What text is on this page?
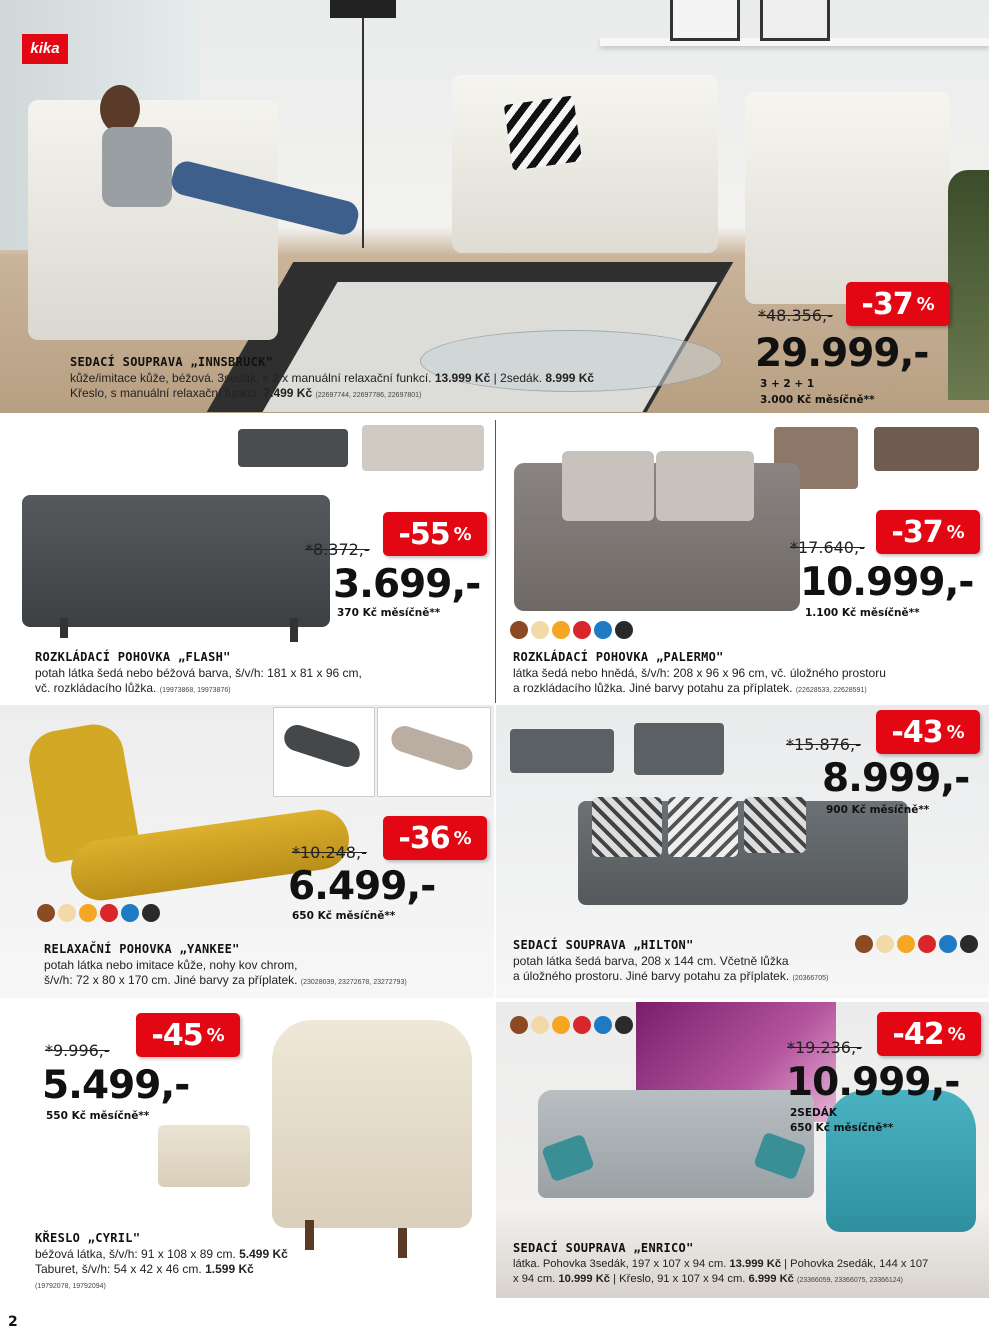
kika
*48.356,- -37 %
29.999,-
3 + 2 + 1
3.000 Kč měsíčně**
SEDACÍ SOUPRAVA „INNSBRUCK"
kůže/imitace kůže, béžová. 3sedák, s 2 x manuální relaxační funkcí. 13.999 Kč | 2sedák. 8.999 Kč
Křeslo, s manuální relaxační funkcí. 7.499 Kč (22697744, 22697786, 22697801)
*8.372,- -55 %
3.699,-
370 Kč měsíčně**
ROZKLÁDACÍ POHOVKA „FLASH"
potah látka šedá nebo béžová barva, š/v/h: 181 x 81 x 96 cm,
vč. rozkládacího lůžka. (19973868, 19973876)
*17.640,- -37 %
10.999,-
1.100 Kč měsíčně**
ROZKLÁDACÍ POHOVKA „PALERMO"
látka šedá nebo hnědá, š/v/h: 208 x 96 x 96 cm, vč. úložného prostoru
a rozkládacího lůžka. Jiné barvy potahu za příplatek. (22628533, 22628591)
*10.248,- -36 %
6.499,-
650 Kč měsíčně**
RELAXAČNÍ POHOVKA „YANKEE"
potah látka nebo imitace kůže, nohy kov chrom,
š/v/h: 72 x 80 x 170 cm. Jiné barvy za příplatek. (23028039, 23272678, 23272793)
*15.876,- -43 %
8.999,-
900 Kč měsíčně**
SEDACÍ SOUPRAVA „HILTON"
potah látka šedá barva, 208 x 144 cm. Včetně lůžka
a úložného prostoru. Jiné barvy potahu za příplatek. (20366705)
*9.996,- -45 %
5.499,-
550 Kč měsíčně**
KŘESLO „CYRIL"
béžová látka, š/v/h: 91 x 108 x 89 cm. 5.499 Kč
Taburet, š/v/h: 54 x 42 x 46 cm. 1.599 Kč
(19792078, 19792094)
*19.236,- -42 %
10.999,-
2SEDÁK
650 Kč měsíčně**
SEDACÍ SOUPRAVA „ENRICO"
látka. Pohovka 3sedák, 197 x 107 x 94 cm. 13.999 Kč | Pohovka 2sedák, 144 x 107
x 94 cm. 10.999 Kč | Křeslo, 91 x 107 x 94 cm. 6.999 Kč (23366059, 23366075, 23366124)
2
